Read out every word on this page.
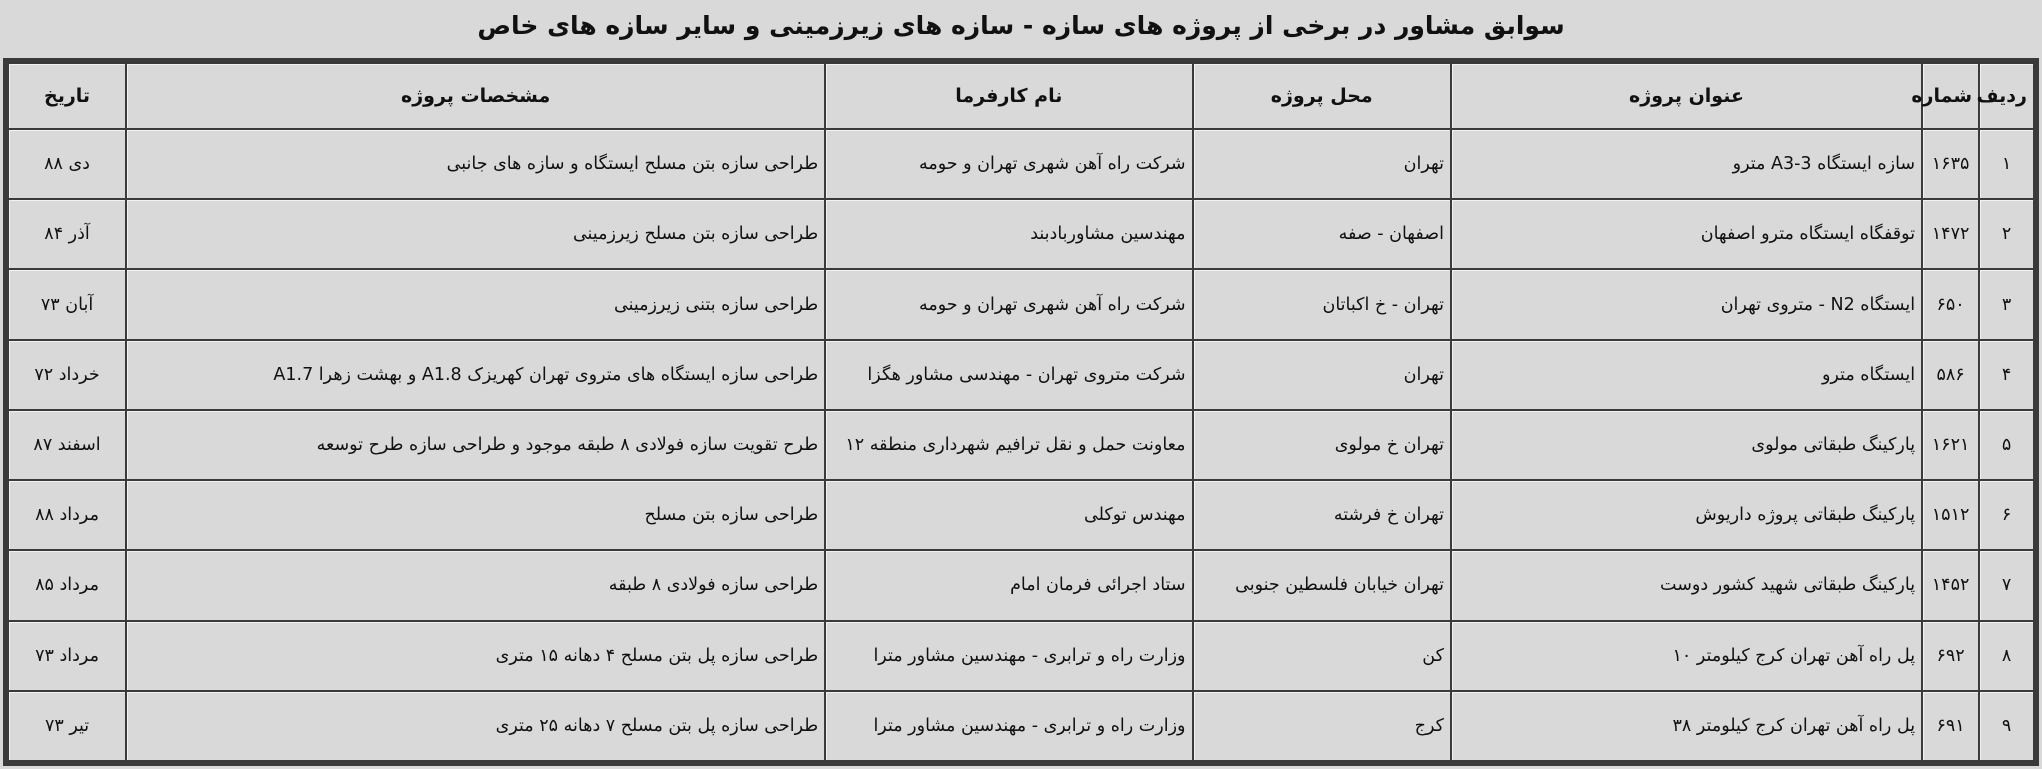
سوابق مشاور در برخی از پروژه های سازه - سازه های زیرزمینی و سایر سازه های خاص
ردیف	شماره	عنوان پروژه	محل پروژه	نام کارفرما	مشخصات پروژه	تاریخ
۱	۱۶۳۵	سازه ایستگاه A3-3 مترو	تهران	شرکت راه آهن شهری تهران و حومه	طراحی سازه بتن مسلح ایستگاه و سازه های جانبی	دی ۸۸
۲	۱۴۷۲	توقفگاه ایستگاه مترو اصفهان	اصفهان - صفه	مهندسین مشاوربادبند	طراحی سازه بتن مسلح زیرزمینی	آذر ۸۴
۳	۶۵۰	ایستگاه N2 - متروی تهران	تهران - خ اکباتان	شرکت راه آهن شهری تهران و حومه	طراحی سازه بتنی زیرزمینی	آبان ۷۳
۴	۵۸۶	ایستگاه مترو	تهران	شرکت متروی تهران - مهندسی مشاور هگزا	طراحی سازه ایستگاه های متروی تهران کهریزک A1.8 و بهشت زهرا A1.7	خرداد ۷۲
۵	۱۶۲۱	پارکینگ طبقاتی مولوی	تهران خ مولوی	معاونت حمل و نقل ترافیم شهرداری منطقه ۱۲	طرح تقویت سازه فولادی ۸ طبقه موجود و طراحی سازه طرح توسعه	اسفند ۸۷
۶	۱۵۱۲	پارکینگ طبقاتی پروژه داریوش	تهران خ فرشته	مهندس توکلی	طراحی سازه بتن مسلح	مرداد ۸۸
۷	۱۴۵۲	پارکینگ طبقاتی شهید کشور دوست	تهران خیابان فلسطین جنوبی	ستاد اجرائی فرمان امام	طراحی سازه فولادی ۸ طبقه	مرداد ۸۵
۸	۶۹۲	پل راه آهن تهران کرج کیلومتر ۱۰	کن	وزارت راه و ترابری - مهندسین مشاور مترا	طراحی سازه پل بتن مسلح ۴ دهانه ۱۵ متری	مرداد ۷۳
۹	۶۹۱	پل راه آهن تهران کرج کیلومتر ۳۸	کرج	وزارت راه و ترابری - مهندسین مشاور مترا	طراحی سازه پل بتن مسلح ۷ دهانه ۲۵ متری	تیر ۷۳
